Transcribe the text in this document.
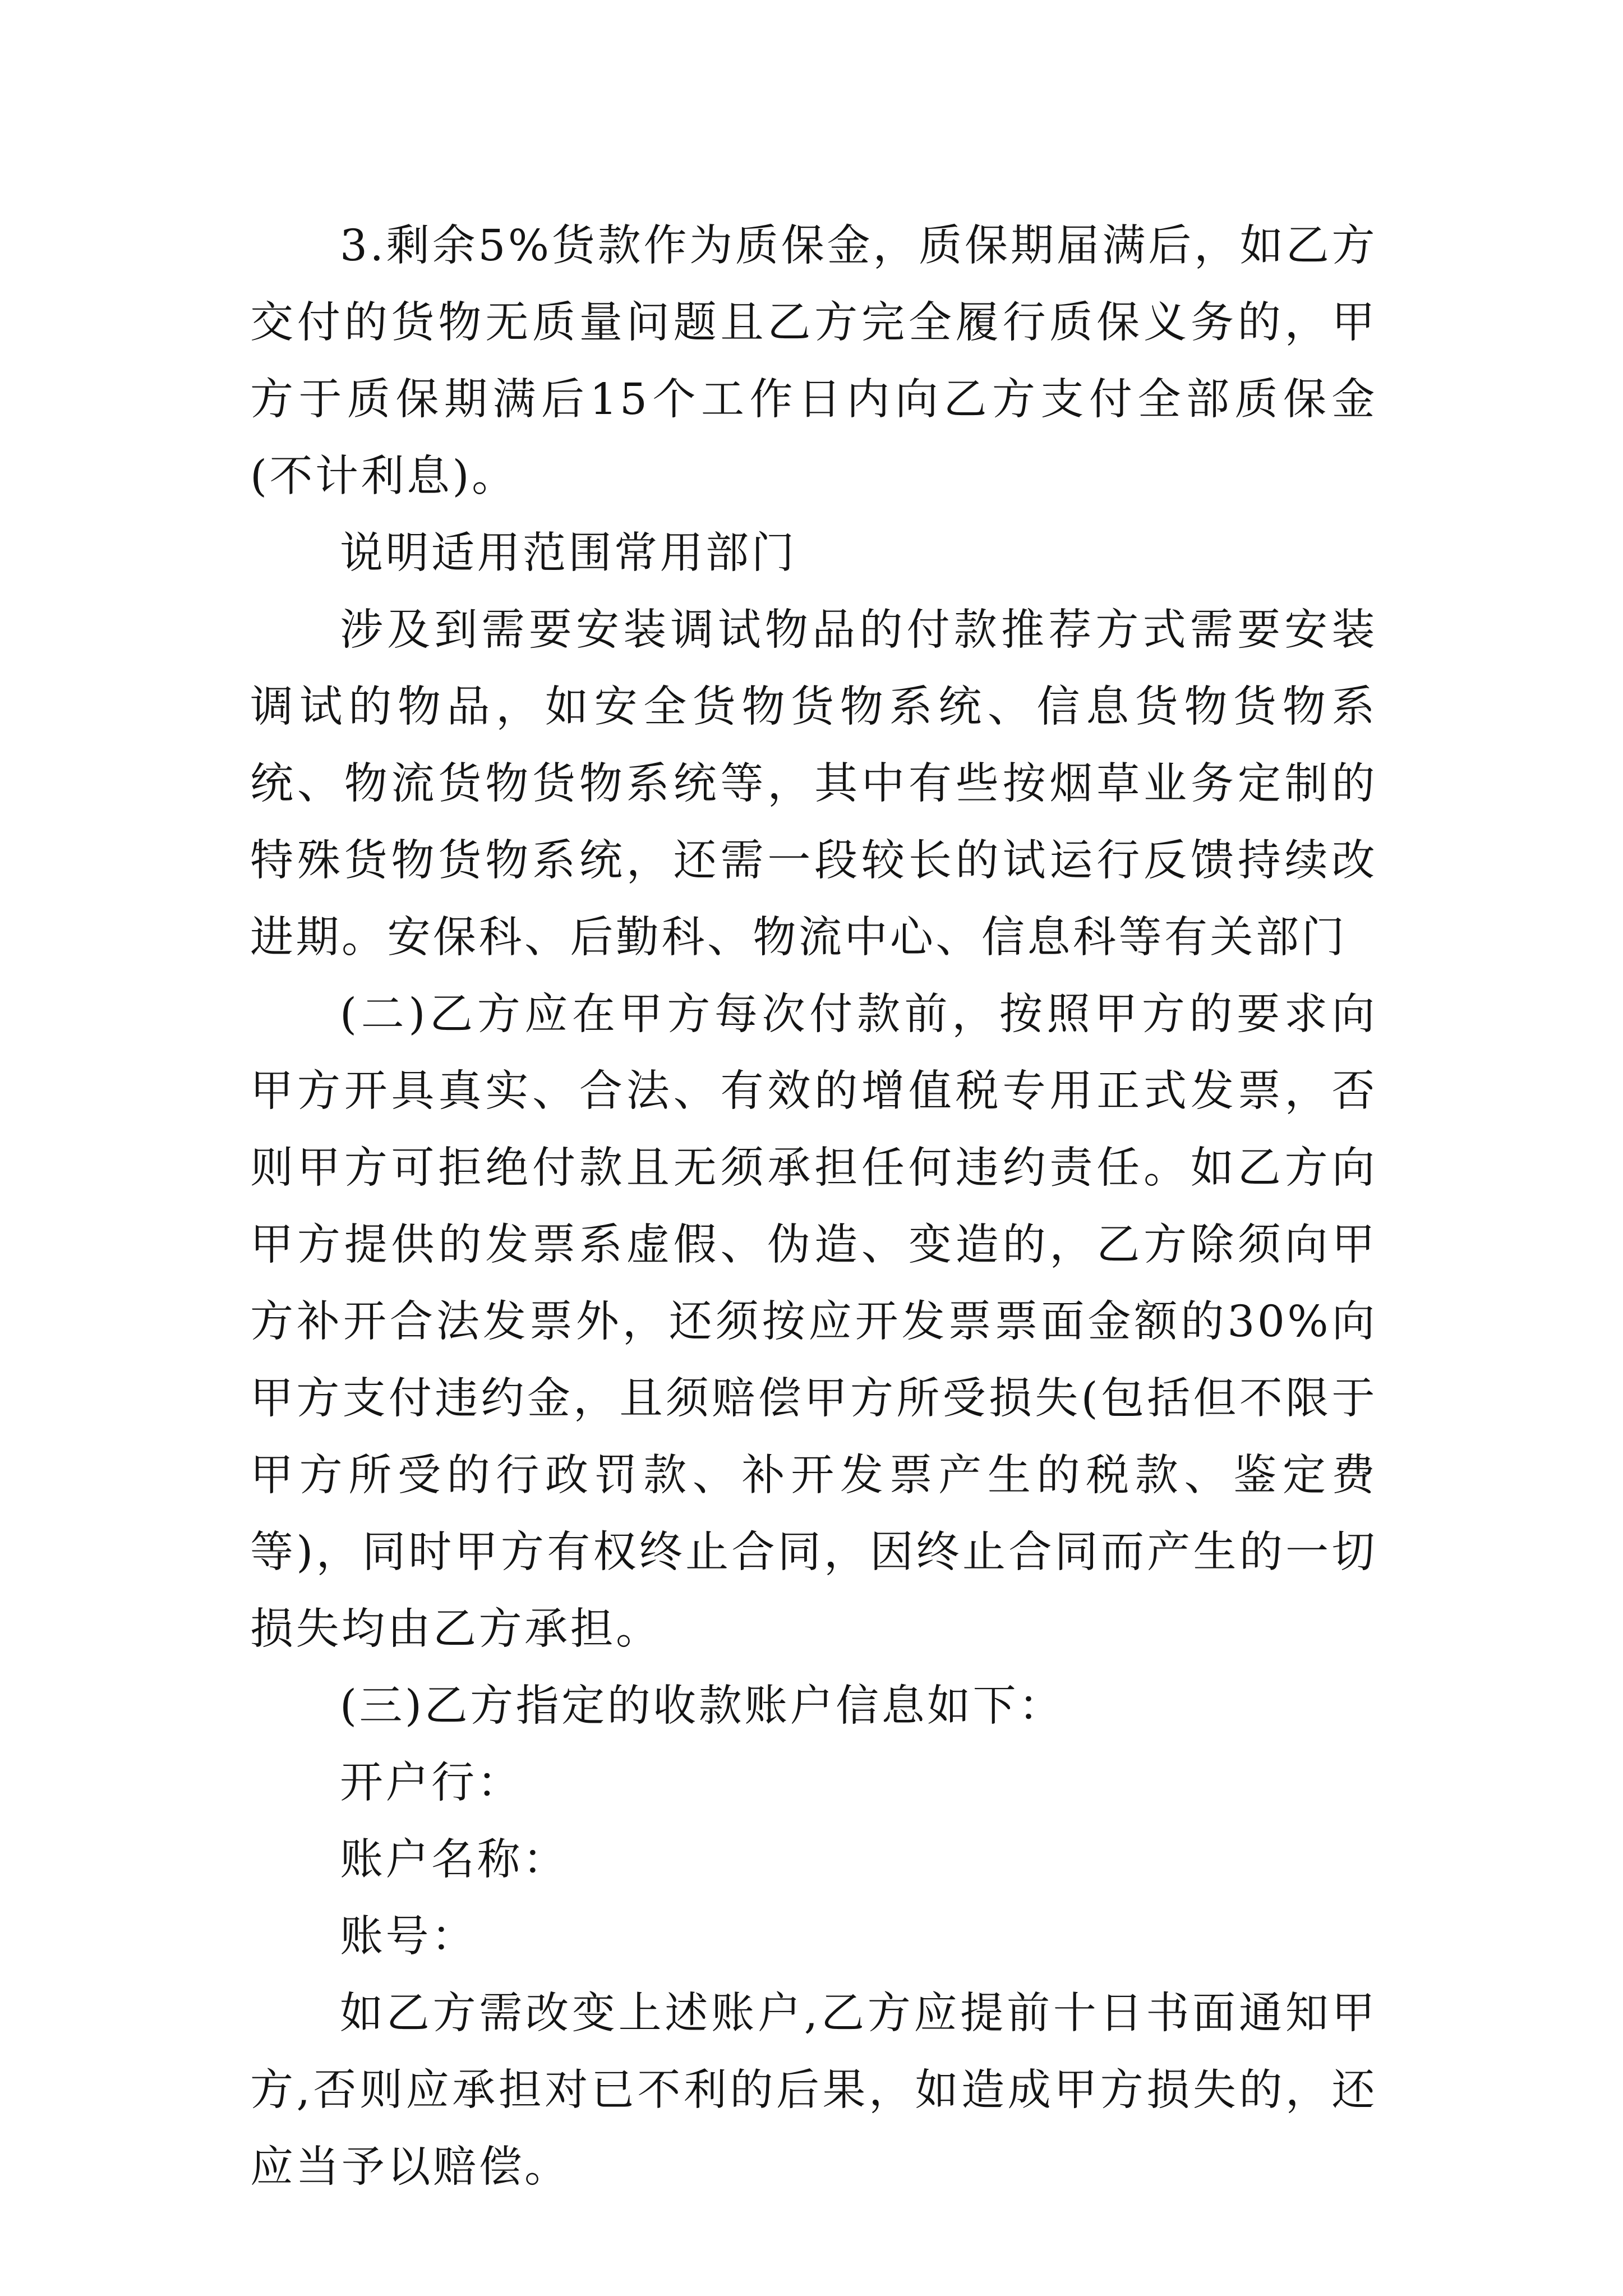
3.剩余5%货款作为质保金，质保期届满后，如乙方交付的货物无质量问题且乙方完全履行质保义务的，甲方于质保期满后15个工作日内向乙方支付全部质保金(不计利息)。

说明适用范围常用部门

涉及到需要安装调试物品的付款推荐方式需要安装调试的物品，如安全货物货物系统、信息货物货物系统、物流货物货物系统等，其中有些按烟草业务定制的特殊货物货物系统，还需一段较长的试运行反馈持续改进期。安保科、后勤科、物流中心、信息科等有关部门

(二)乙方应在甲方每次付款前，按照甲方的要求向甲方开具真实、合法、有效的增值税专用正式发票，否则甲方可拒绝付款且无须承担任何违约责任。如乙方向甲方提供的发票系虚假、伪造、变造的，乙方除须向甲方补开合法发票外，还须按应开发票票面金额的30%向甲方支付违约金，且须赔偿甲方所受损失(包括但不限于甲方所受的行政罚款、补开发票产生的税款、鉴定费等)，同时甲方有权终止合同，因终止合同而产生的一切损失均由乙方承担。

(三)乙方指定的收款账户信息如下：

开户行：

账户名称：

账号：

如乙方需改变上述账户,乙方应提前十日书面通知甲方,否则应承担对已不利的后果，如造成甲方损失的，还应当予以赔偿。
